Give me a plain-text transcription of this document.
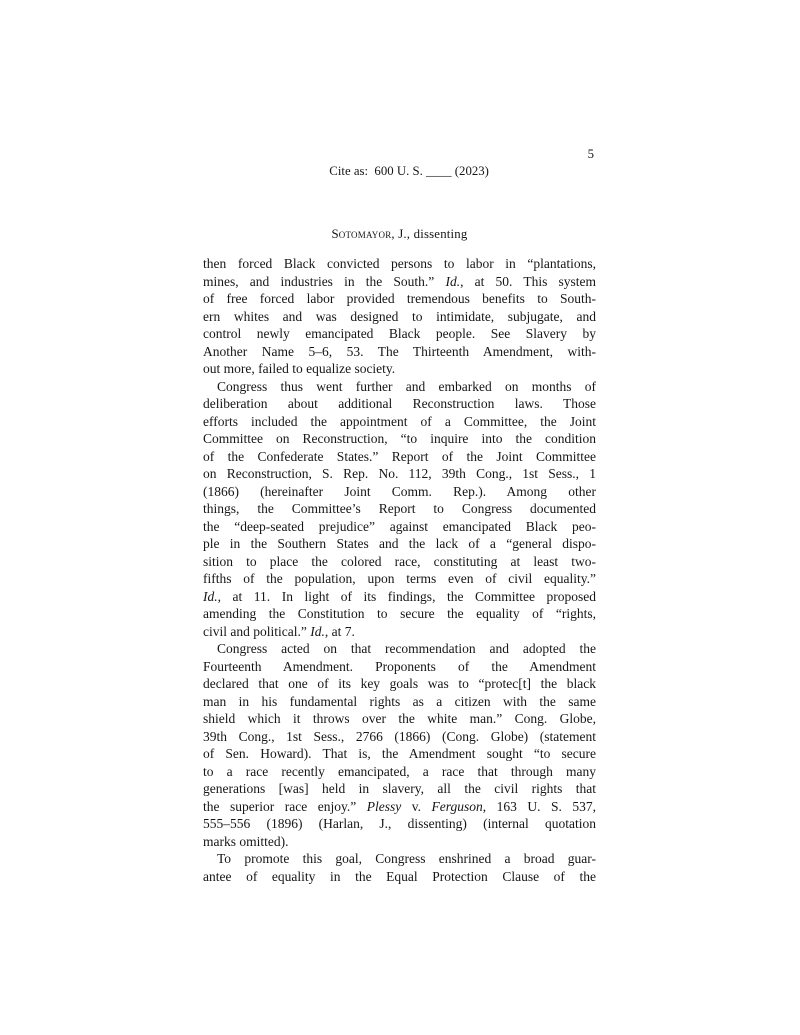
Cite as:  600 U. S. ____ (2023)

5

Sotomayor, J., dissenting
then forced Black convicted persons to labor in “plantations,
mines, and industries in the South.” Id., at 50. This system
of free forced labor provided tremendous benefits to South-
ern whites and was designed to intimidate, subjugate, and
control newly emancipated Black people. See Slavery by
Another Name 5–6, 53. The Thirteenth Amendment, with-
out more, failed to equalize society.
Congress thus went further and embarked on months of
deliberation about additional Reconstruction laws. Those
efforts included the appointment of a Committee, the Joint
Committee on Reconstruction, “to inquire into the condition
of the Confederate States.” Report of the Joint Committee
on Reconstruction, S. Rep. No. 112, 39th Cong., 1st Sess., 1
(1866) (hereinafter Joint Comm. Rep.). Among other
things, the Committee’s Report to Congress documented
the “deep-seated prejudice” against emancipated Black peo-
ple in the Southern States and the lack of a “general dispo-
sition to place the colored race, constituting at least two-
fifths of the population, upon terms even of civil equality.”
Id., at 11. In light of its findings, the Committee proposed
amending the Constitution to secure the equality of “rights,
civil and political.” Id., at 7.
Congress acted on that recommendation and adopted the
Fourteenth Amendment. Proponents of the Amendment
declared that one of its key goals was to “protec[t] the black
man in his fundamental rights as a citizen with the same
shield which it throws over the white man.” Cong. Globe,
39th Cong., 1st Sess., 2766 (1866) (Cong. Globe) (statement
of Sen. Howard). That is, the Amendment sought “to secure
to a race recently emancipated, a race that through many
generations [was] held in slavery, all the civil rights that
the superior race enjoy.” Plessy v. Ferguson, 163 U. S. 537,
555–556 (1896) (Harlan, J., dissenting) (internal quotation
marks omitted).
To promote this goal, Congress enshrined a broad guar-
antee of equality in the Equal Protection Clause of the
